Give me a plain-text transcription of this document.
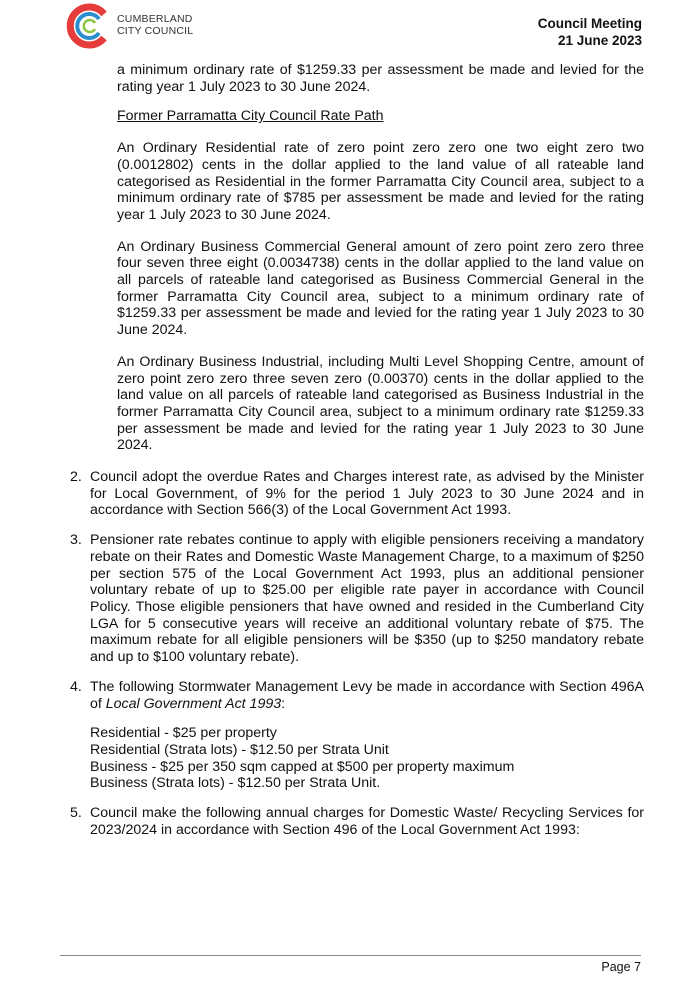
CUMBERLAND
CITY COUNCIL	Council Meeting
21 June 2023

a minimum ordinary rate of $1259.33 per assessment be made and levied for the rating year 1 July 2023 to 30 June 2024.

Former Parramatta City Council Rate Path

An Ordinary Residential rate of zero point zero zero one two eight zero two (0.0012802) cents in the dollar applied to the land value of all rateable land categorised as Residential in the former Parramatta City Council area, subject to a minimum ordinary rate of $785 per assessment be made and levied for the rating year 1 July 2023 to 30 June 2024.

An Ordinary Business Commercial General amount of zero point zero zero three four seven three eight (0.0034738) cents in the dollar applied to the land value on all parcels of rateable land categorised as Business Commercial General in the former Parramatta City Council area, subject to a minimum ordinary rate of $1259.33 per assessment be made and levied for the rating year 1 July 2023 to 30 June 2024.

An Ordinary Business Industrial, including Multi Level Shopping Centre, amount of zero point zero zero three seven zero (0.00370) cents in the dollar applied to the land value on all parcels of rateable land categorised as Business Industrial in the former Parramatta City Council area, subject to a minimum ordinary rate $1259.33 per assessment be made and levied for the rating year 1 July 2023 to 30 June 2024.

2. Council adopt the overdue Rates and Charges interest rate, as advised by the Minister for Local Government, of 9% for the period 1 July 2023 to 30 June 2024 and in accordance with Section 566(3) of the Local Government Act 1993.
3. Pensioner rate rebates continue to apply with eligible pensioners receiving a mandatory rebate on their Rates and Domestic Waste Management Charge, to a maximum of $250 per section 575 of the Local Government Act 1993, plus an additional pensioner voluntary rebate of up to $25.00 per eligible rate payer in accordance with Council Policy. Those eligible pensioners that have owned and resided in the Cumberland City LGA for 5 consecutive years will receive an additional voluntary rebate of $75. The maximum rebate for all eligible pensioners will be $350 (up to $250 mandatory rebate and up to $100 voluntary rebate).
4. The following Stormwater Management Levy be made in accordance with Section 496A of Local Government Act 1993:
Residential - $25 per property
Residential (Strata lots) - $12.50 per Strata Unit
Business - $25 per 350 sqm capped at $500 per property maximum
Business (Strata lots) - $12.50 per Strata Unit.
5. Council make the following annual charges for Domestic Waste/ Recycling Services for 2023/2024 in accordance with Section 496 of the Local Government Act 1993:
Page 7
